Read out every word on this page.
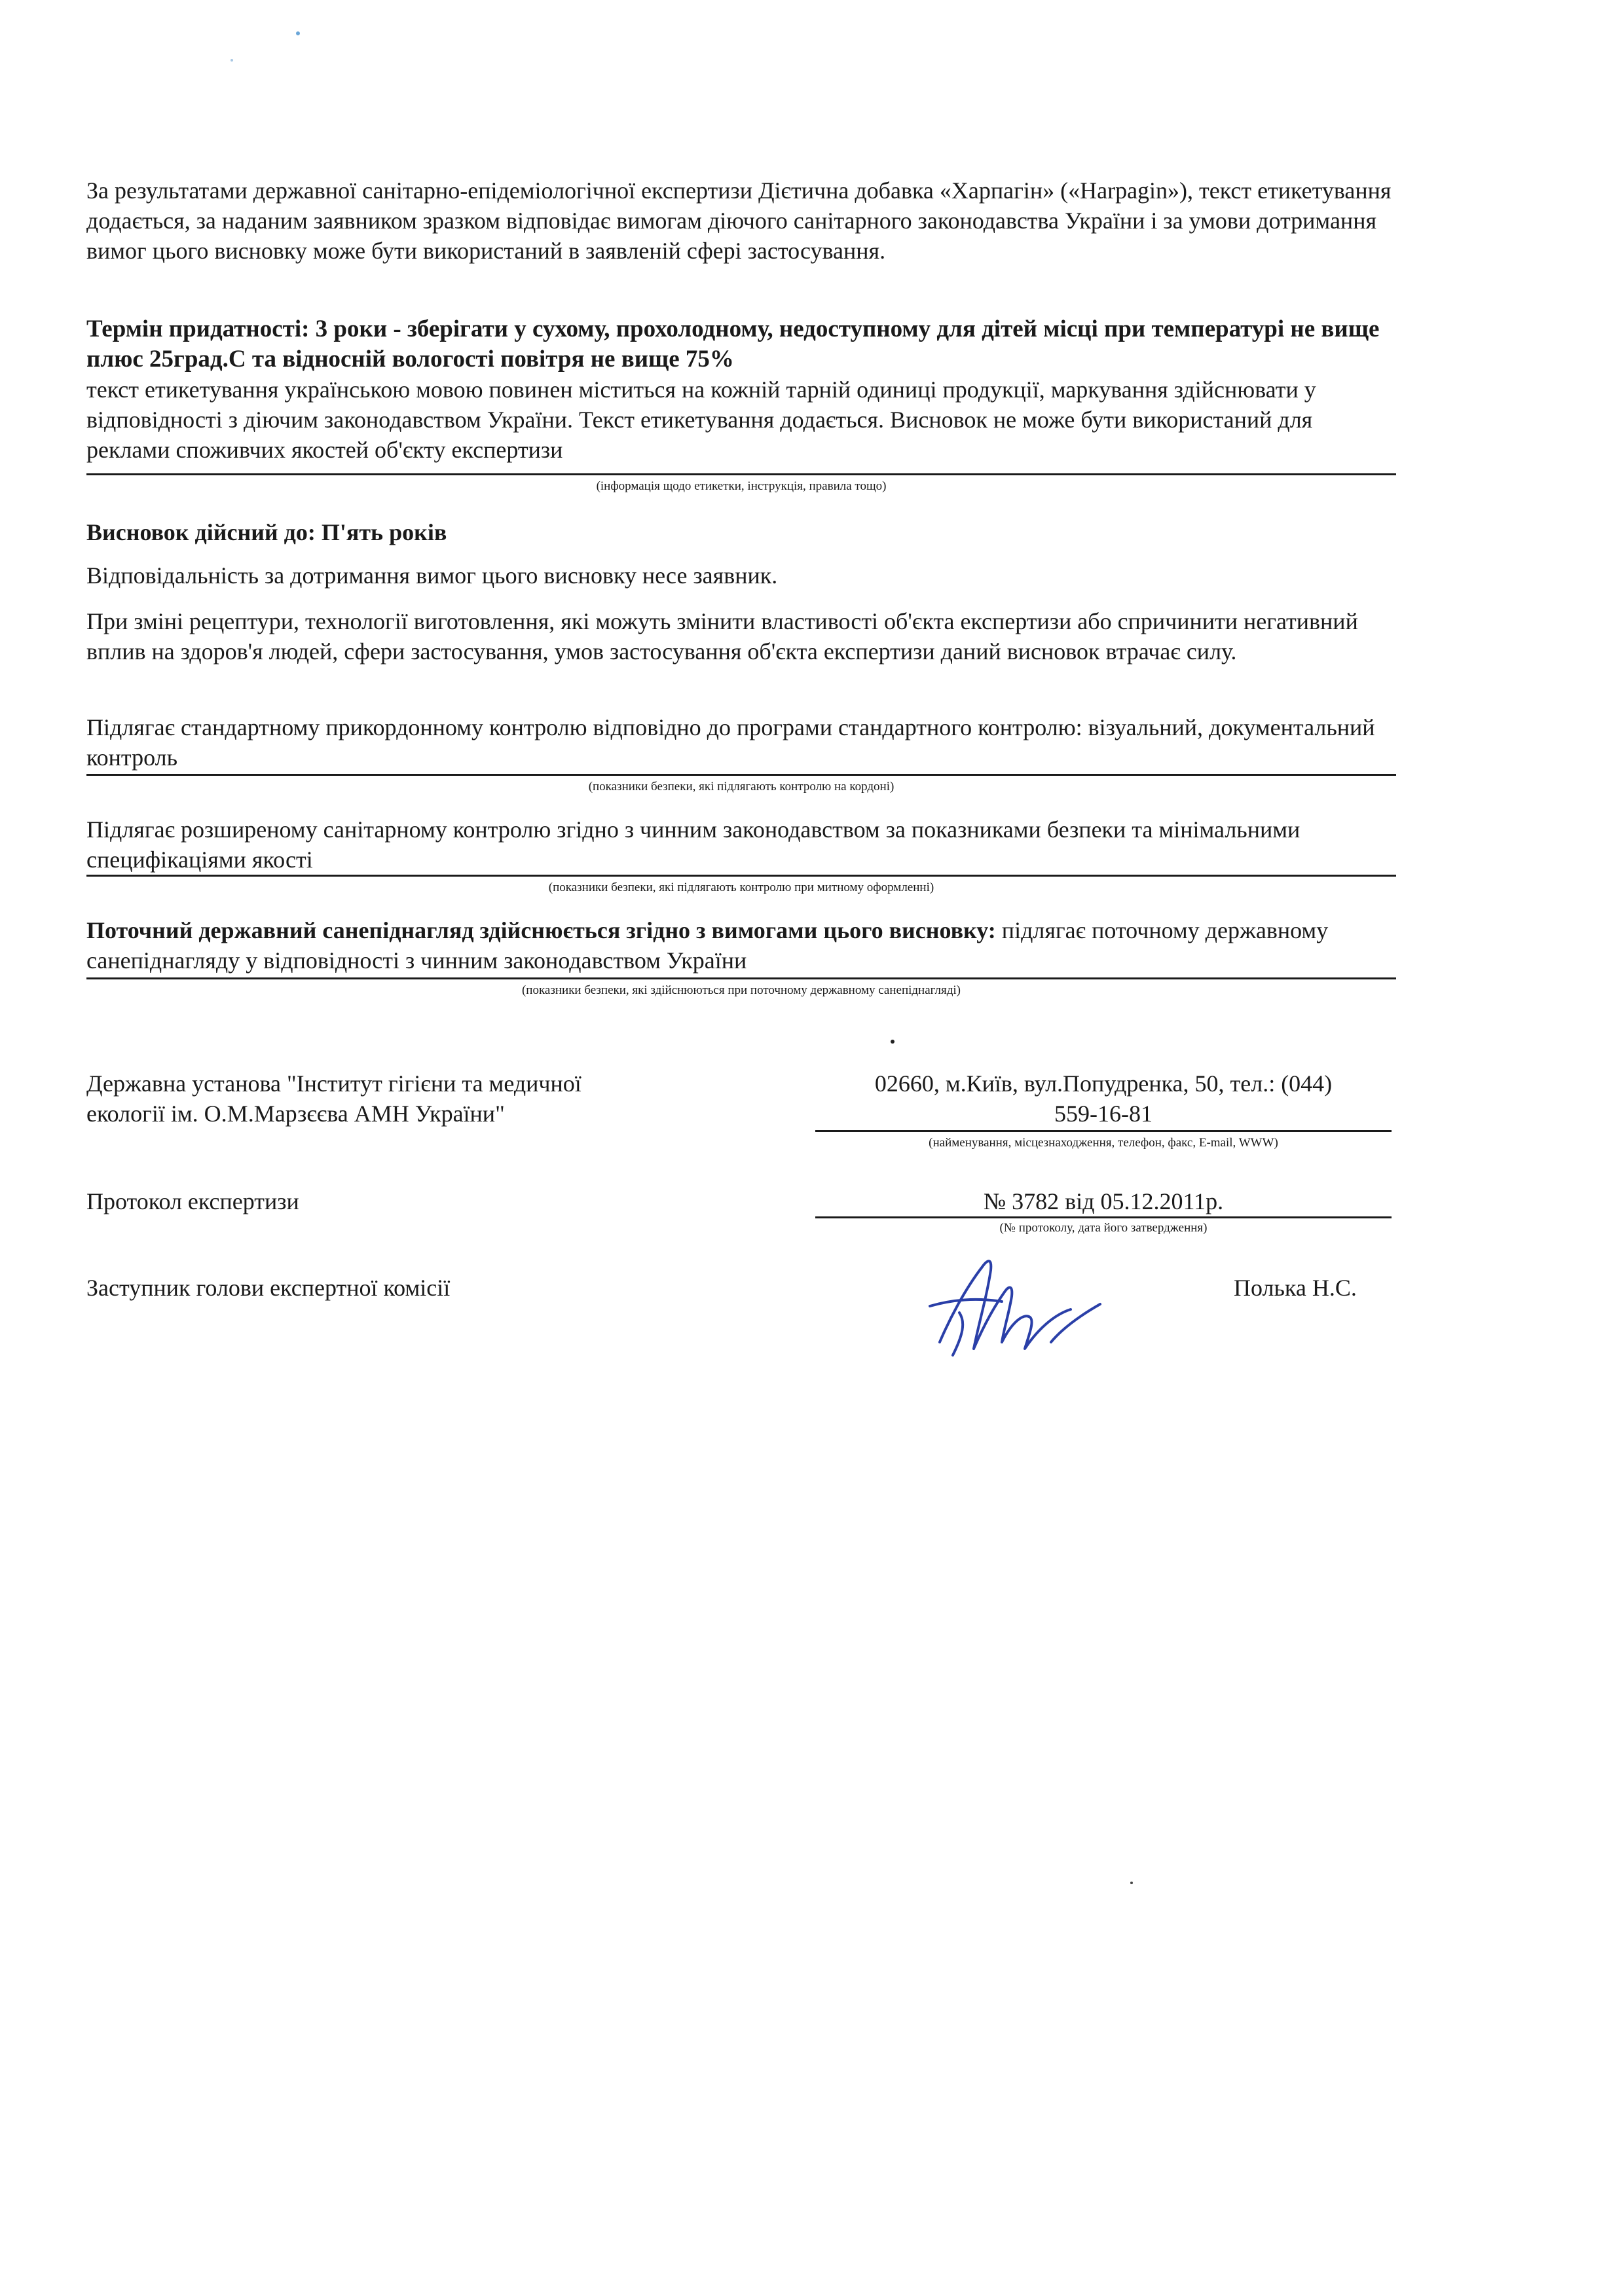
За результатами державної санітарно-епідеміологічної експертизи Дієтична добавка «Харпагін» («Harpagin»), текст етикетування додається, за наданим заявником зразком відповідає вимогам діючого санітарного законодавства України і за умови дотримання вимог цього висновку може бути використаний в заявленій сфері застосування.

Термін придатності: 3 роки - зберігати у сухому, прохолодному, недоступному для дітей місці при температурі не вище плюс 25град.С та відносній вологості повітря не вище 75%

текст етикетування українською мовою повинен міститься на кожній тарній одиниці продукції, маркування здійснювати у відповідності з діючим законодавством України. Текст етикетування додається. Висновок не може бути використаний для реклами споживчих якостей об'єкту експертизи

(інформація щодо етикетки, інструкція, правила тощо)
Висновок дійсний до: П'ять років
Відповідальність за дотримання вимог цього висновку несе заявник.

При зміні рецептури, технології виготовлення, які можуть змінити властивості об'єкта експертизи або спричинити негативний вплив на здоров'я людей, сфери застосування, умов застосування об'єкта експертизи даний висновок втрачає силу.

Підлягає стандартному прикордонному контролю відповідно до програми стандартного контролю: візуальний, документальний контроль

(показники безпеки, які підлягають контролю на кордоні)

Підлягає розширеному санітарному контролю згідно з чинним законодавством за показниками безпеки та мінімальними специфікаціями якості

(показники безпеки, які підлягають контролю при митному оформленні)

Поточний державний санепіднагляд здійснюється згідно з вимогами цього висновку: підлягає поточному державному санепіднагляду у відповідності з чинним законодавством України

(показники безпеки, які здійснюються при поточному державному санепіднагляді)
Державна установа "Інститут гігієни та медичної
екології ім. О.М.Марзєєва АМН України"
02660, м.Київ, вул.Попудренка, 50, тел.: (044)
559-16-81
(найменування, місцезнаходження, телефон, факс, E-mail, WWW)
Протокол експертизи	№ 3782 від 05.12.2011р.
(№ протоколу, дата його затвердження)
Заступник голови експертної комісії	Полька Н.С.
